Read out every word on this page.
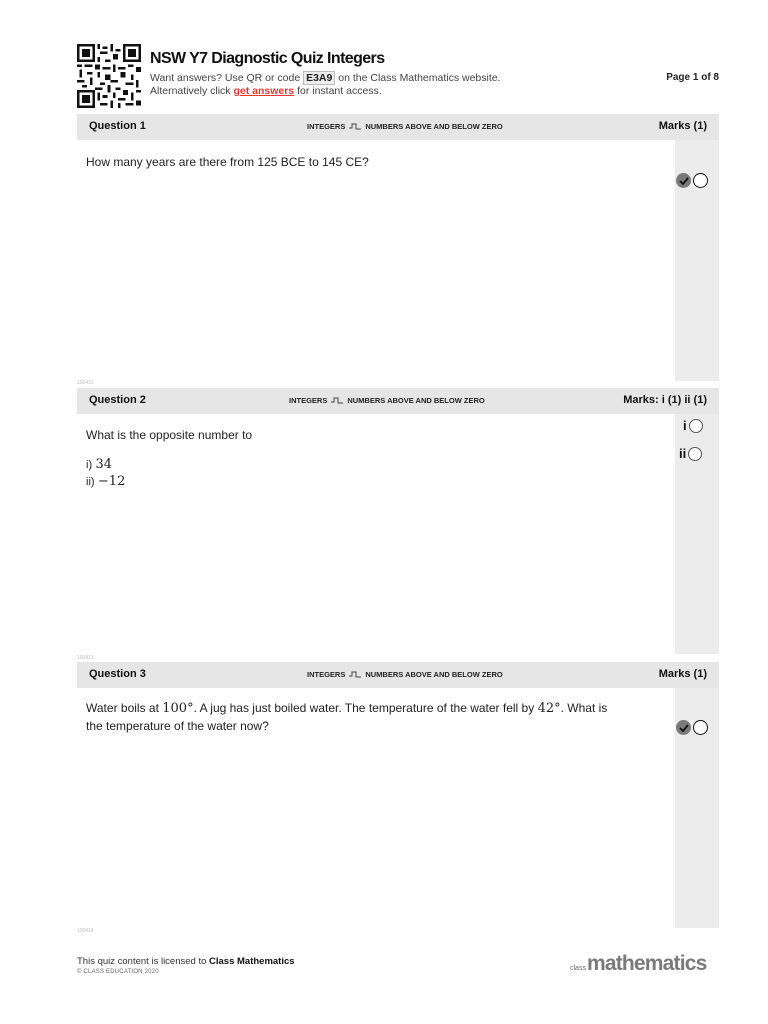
NSW Y7 Diagnostic Quiz Integers
Want answers? Use QR or code E3A9 on the Class Mathematics website.
Alternatively click get answers for instant access.
Page 1 of 8
Question 1	INTEGERS	NUMBERS ABOVE AND BELOW ZERO	Marks (1)
How many years are there from 125 BCE to 145 CE?
100412
Question 2	INTEGERS	NUMBERS ABOVE AND BELOW ZERO	Marks: i (1) ii (1)
i
ii
What is the opposite number to
i) 34
ii) −12
100413
Question 3	INTEGERS	NUMBERS ABOVE AND BELOW ZERO	Marks (1)
Water boils at 100°. A jug has just boiled water. The temperature of the water fell by 42°. What is
the temperature of the water now?
100414
This quiz content is licensed to Class Mathematics
© CLASS EDUCATION 2020	class mathematics
